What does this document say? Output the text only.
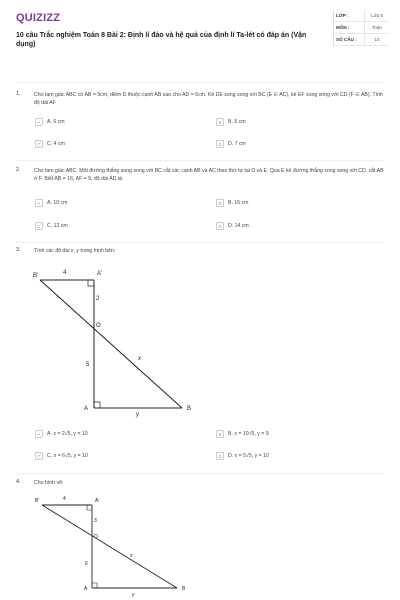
QUIZIZZ
10 câu Trắc nghiệm Toán 8 Bài 2: Định lí đảo và hệ quả của định lí Ta-lét có đáp án (Vận dụng)
LỚP :	Lớp 8
MÔN :	Toán
SỐ CÂU :	10
1.	Cho tam giác ABC có AB = 9cm, điểm D thuộc cạnh AB sao cho AD = 6cm. Kẻ DE song song với BC (E ∈ AC), kẻ EF song song với CD (F ∈ AB). Tính độ dài AF
A	A. 6 cm	B	B. 5 cm
C	C. 4 cm	D	D. 7 cm
2.	Cho tam giác ABC. Một đường thẳng song song với BC cắt các cạnh AB và AC theo thứ tự tại D và E. Qua E kẻ đường thẳng song song với CD, cắt AB ở F. Biết AB = 16, AF = 9, độ dài AD là:
A	A. 10 cm	B	B. 15 cm
C	C. 12 cm	D	D. 14 cm
3.	Tính các độ dài x, y trong hình bên:
B'	A'
4
2
O
5
x
A	B
y
A	A. x = 2√5, y = 10	B	B. x = 10√5, y = 9
C	C. x = 6√5, y = 10	D	D. x = 5√5, y = 10
4.	Cho hình vẽ:
B'	A'
4
3
O
6
x
A	B
y
